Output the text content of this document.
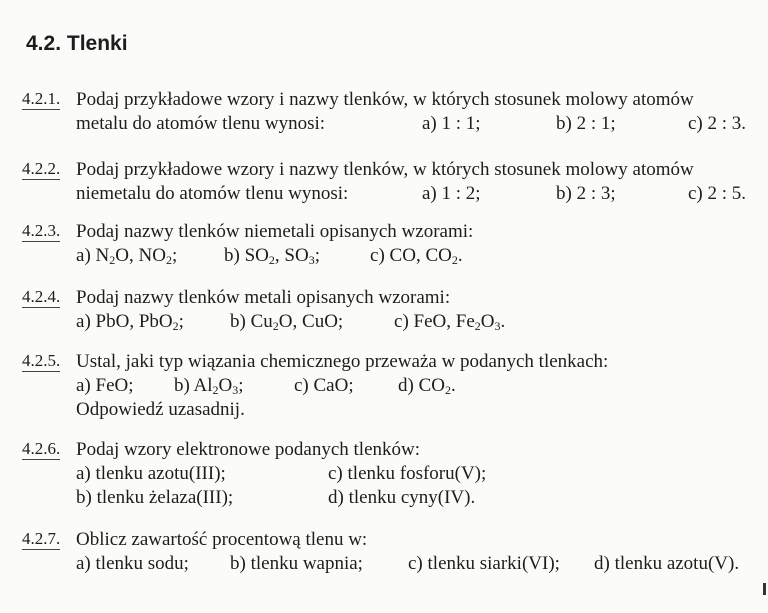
4.2. Tlenki
4.2.1. Podaj przykładowe wzory i nazwy tlenków, w których stosunek molowy atomów
metalu do atomów tlenu wynosi:	a) 1 : 1;	b) 2 : 1;	c) 2 : 3.
4.2.2. Podaj przykładowe wzory i nazwy tlenków, w których stosunek molowy atomów
niemetalu do atomów tlenu wynosi:	a) 1 : 2;	b) 2 : 3;	c) 2 : 5.
4.2.3. Podaj nazwy tlenków niemetali opisanych wzorami:
a) $N_2O$, $NO_2$; b) $SO_2$, $SO_3$;	c) CO, $CO_2$.
4.2.4. Podaj nazwy tlenków metali opisanych wzorami:
a) PbO, PbO$_2$; b) $Cu_2O$, CuO;	c) FeO, $Fe_2O_3$.
4.2.5. Ustal, jaki typ wiązania chemicznego przeważa w podanych tlenkach:
a) FeO; b) $Al_2O_3$;	c) CaO; d) $CO_2$.
Odpowiedź uzasadnij.
4.2.6. Podaj wzory elektronowe podanych tlenków:
a) tlenku azotu(III);	c) tlenku fosforu(V);
b) tlenku żelaza(III);	d) tlenku cyny(IV).
4.2.7. Oblicz zawartość procentową tlenu w:
a) tlenku sodu; b) tlenku wapnia; c) tlenku siarki(VI); d) tlenku azotu(V).
